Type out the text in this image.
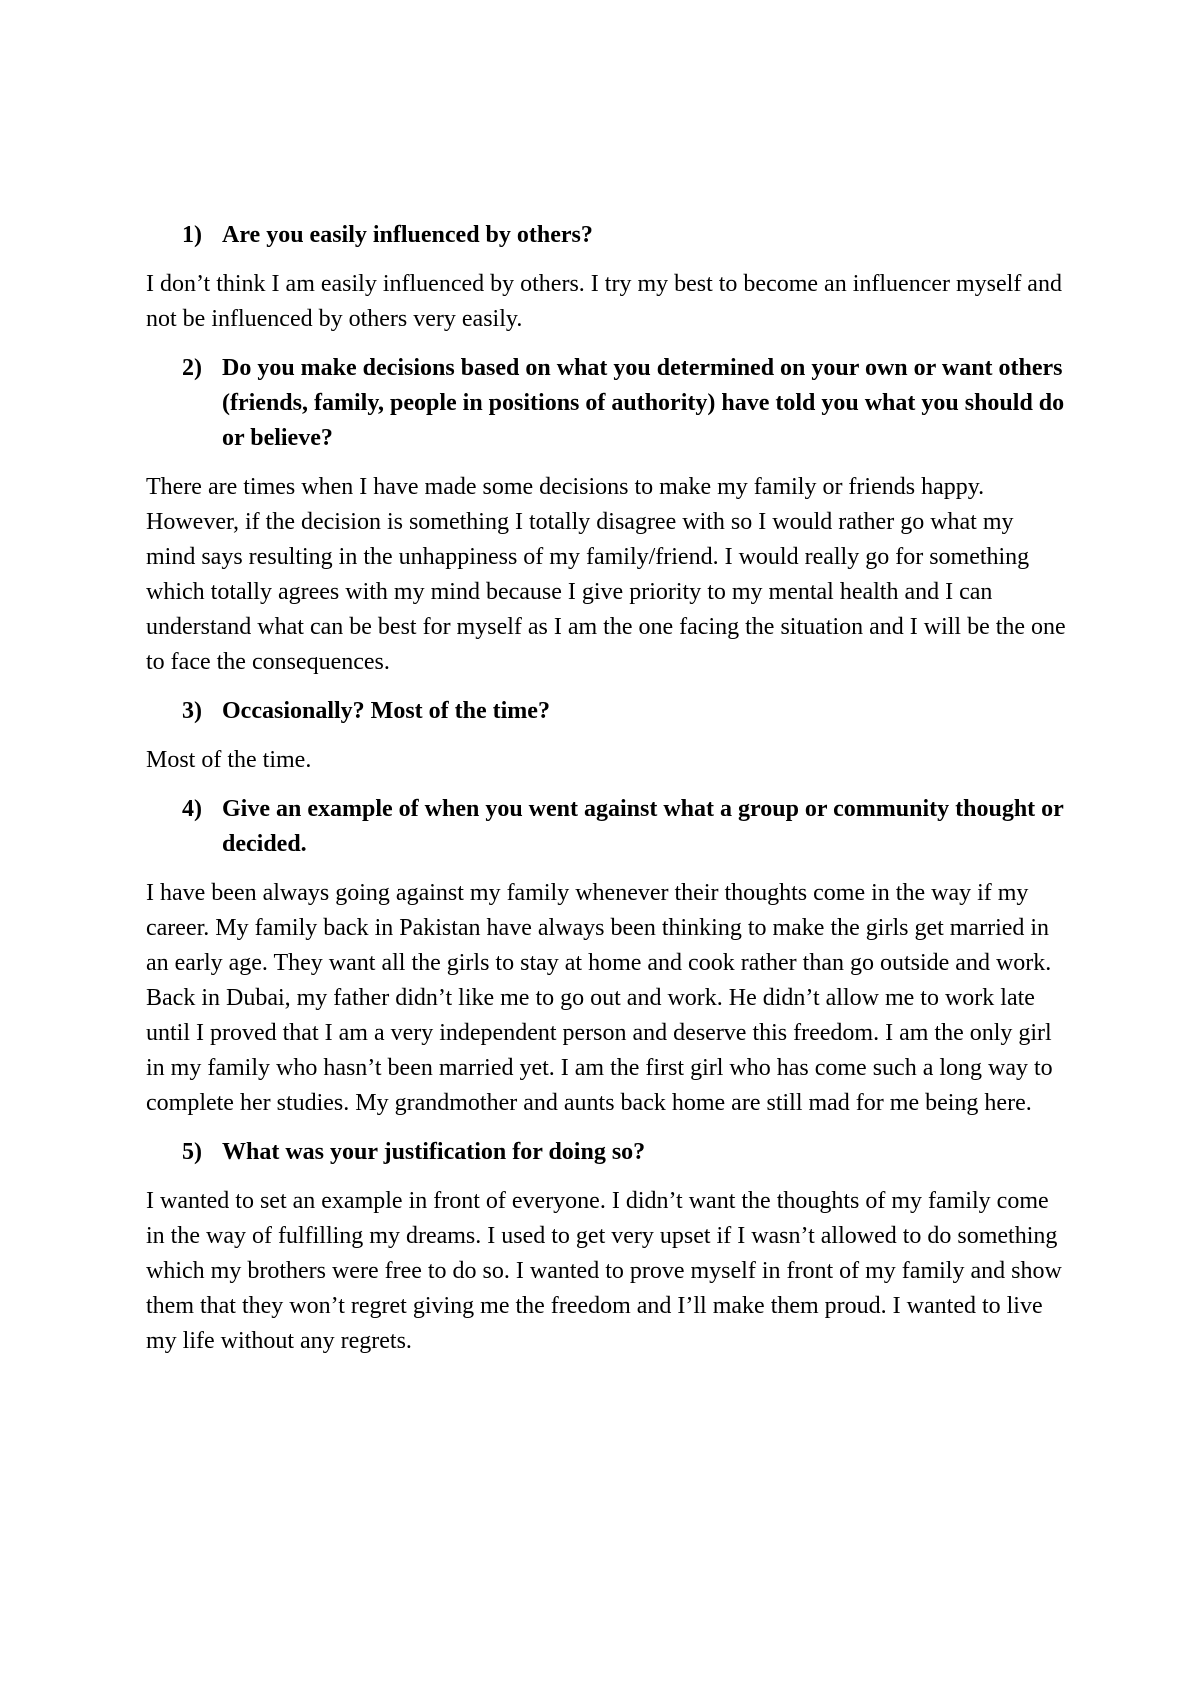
1) Are you easily influenced by others?

I don’t think I am easily influenced by others. I try my best to become an influencer myself and not be influenced by others very easily.

2) Do you make decisions based on what you determined on your own or want others (friends, family, people in positions of authority) have told you what you should do or believe?

There are times when I have made some decisions to make my family or friends happy. However, if the decision is something I totally disagree with so I would rather go what my mind says resulting in the unhappiness of my family/friend. I would really go for something which totally agrees with my mind because I give priority to my mental health and I can understand what can be best for myself as I am the one facing the situation and I will be the one to face the consequences.

3) Occasionally? Most of the time?

Most of the time.

4) Give an example of when you went against what a group or community thought or decided.

I have been always going against my family whenever their thoughts come in the way if my career. My family back in Pakistan have always been thinking to make the girls get married in an early age. They want all the girls to stay at home and cook rather than go outside and work. Back in Dubai, my father didn’t like me to go out and work. He didn’t allow me to work late until I proved that I am a very independent person and deserve this freedom. I am the only girl in my family who hasn’t been married yet. I am the first girl who has come such a long way to complete her studies. My grandmother and aunts back home are still mad for me being here.

5) What was your justification for doing so?

I wanted to set an example in front of everyone. I didn’t want the thoughts of my family come in the way of fulfilling my dreams. I used to get very upset if I wasn’t allowed to do something which my brothers were free to do so. I wanted to prove myself in front of my family and show them that they won’t regret giving me the freedom and I’ll make them proud. I wanted to live my life without any regrets.
